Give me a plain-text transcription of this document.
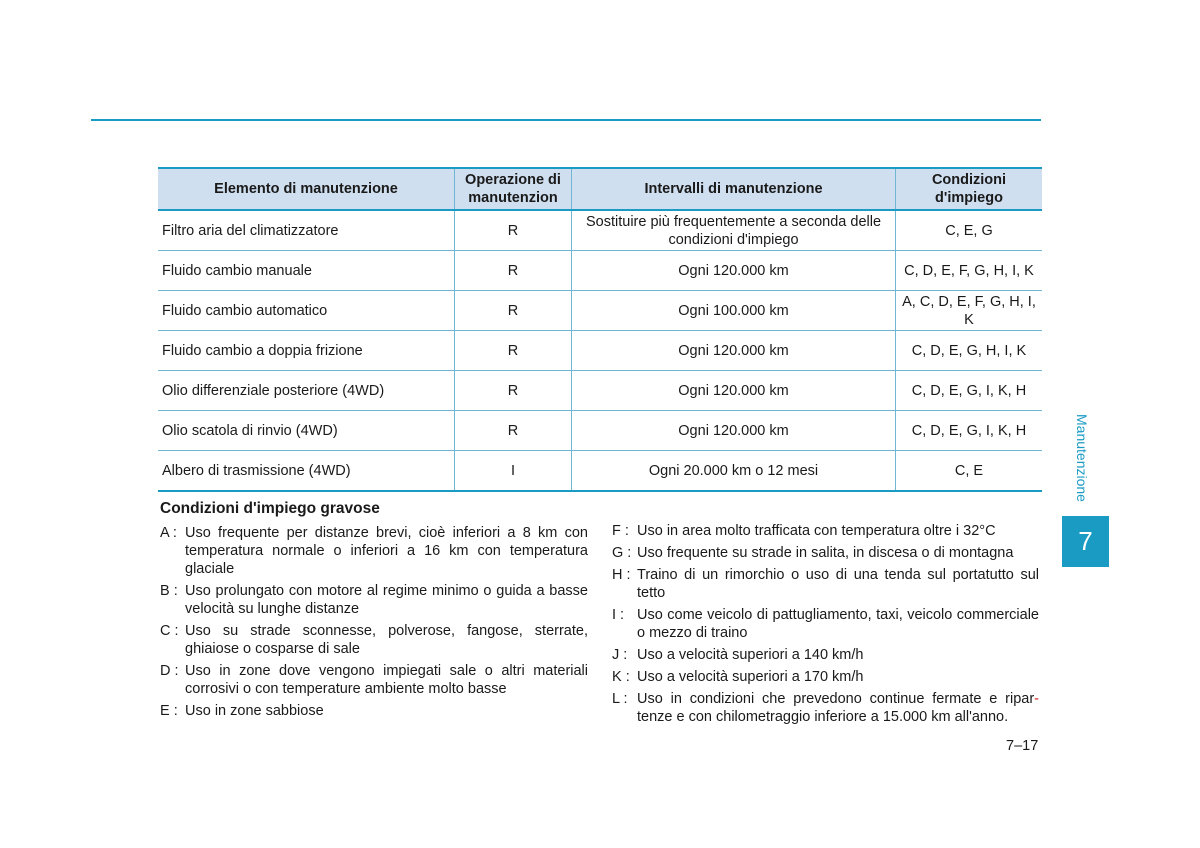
Elemento di manutenzione	Operazione di manutenzion	Intervalli di manutenzione	Condizioni d'impiego
Filtro aria del climatizzatore	R	Sostituire più frequentemente a seconda delle condizioni d'impiego	C, E, G
Fluido cambio manuale	R	Ogni 120.000 km	C, D, E, F, G, H, I, K
Fluido cambio automatico	R	Ogni 100.000 km	A, C, D, E, F, G, H, I, K
Fluido cambio a doppia frizione	R	Ogni 120.000 km	C, D, E, G, H, I, K
Olio differenziale posteriore (4WD)	R	Ogni 120.000 km	C, D, E, G, I, K, H
Olio scatola di rinvio (4WD)	R	Ogni 120.000 km	C, D, E, G, I, K, H
Albero di trasmissione (4WD)	I	Ogni 20.000 km o 12 mesi	C, E
Condizioni d'impiego gravose
A : Uso frequente per distanze brevi, cioè inferiori a 8 km con temperatura normale o inferiori a 16 km con temperatura glaciale
B : Uso prolungato con motore al regime minimo o guida a basse velocità su lunghe distanze
C : Uso su strade sconnesse, polverose, fangose, sterrate, ghiaiose o cosparse di sale
D : Uso in zone dove vengono impiegati sale o altri materiali corrosivi o con temperature ambiente molto basse
E : Uso in zone sabbiose
F : Uso in area molto trafficata con temperatura oltre i 32°C
G : Uso frequente su strade in salita, in discesa o di montagna
H : Traino di un rimorchio o uso di una tenda sul portatutto sul tetto
I : Uso come veicolo di pattugliamento, taxi, veicolo commerciale o mezzo di traino
J : Uso a velocità superiori a 140 km/h
K : Uso a velocità superiori a 170 km/h
L : Uso in condizioni che prevedono continue fermate e ripar-tenze e con chilometraggio inferiore a 15.000 km all'anno.
7–17
Manutenzione
7
